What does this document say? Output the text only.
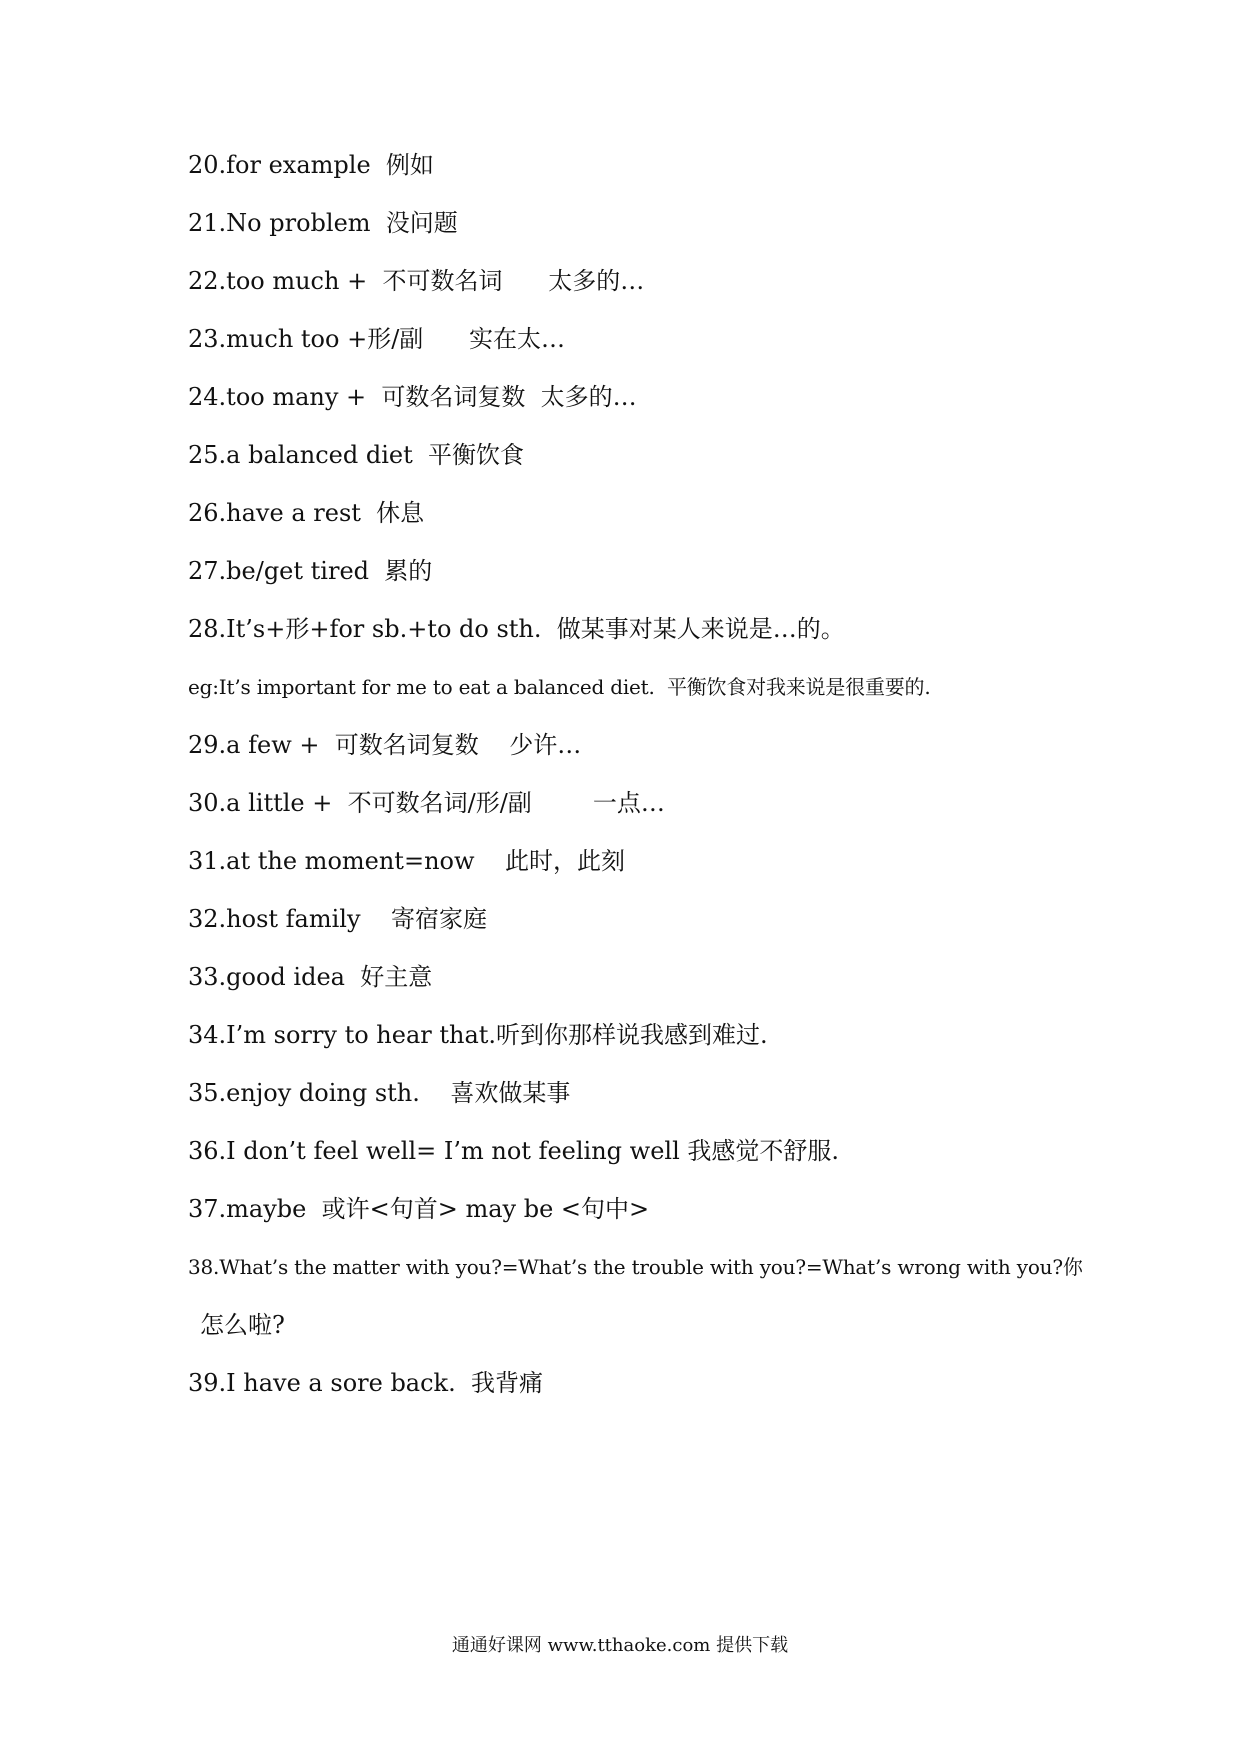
20.for example  例如
21.No problem  没问题
22.too much +  不可数名词      太多的…
23.much too +形/副      实在太…
24.too many +  可数名词复数  太多的…
25.a balanced diet  平衡饮食
26.have a rest  休息
27.be/get tired  累的
28.It’s+形+for sb.+to do sth.  做某事对某人来说是…的。
eg:It’s important for me to eat a balanced diet.  平衡饮食对我来说是很重要的.
29.a few +  可数名词复数    少许…
30.a little +  不可数名词/形/副        一点…
31.at the moment=now    此时，此刻
32.host family    寄宿家庭
33.good idea  好主意
34.I’m sorry to hear that.听到你那样说我感到难过.
35.enjoy doing sth.    喜欢做某事
36.I don’t feel well= I’m not feeling well 我感觉不舒服.
37.maybe  或许<句首> may be <句中>
38.What’s the matter with you?=What’s the trouble with you?=What’s wrong with you?你
怎么啦?
39.I have a sore back.  我背痛
通通好课网 www.tthaoke.com 提供下载
